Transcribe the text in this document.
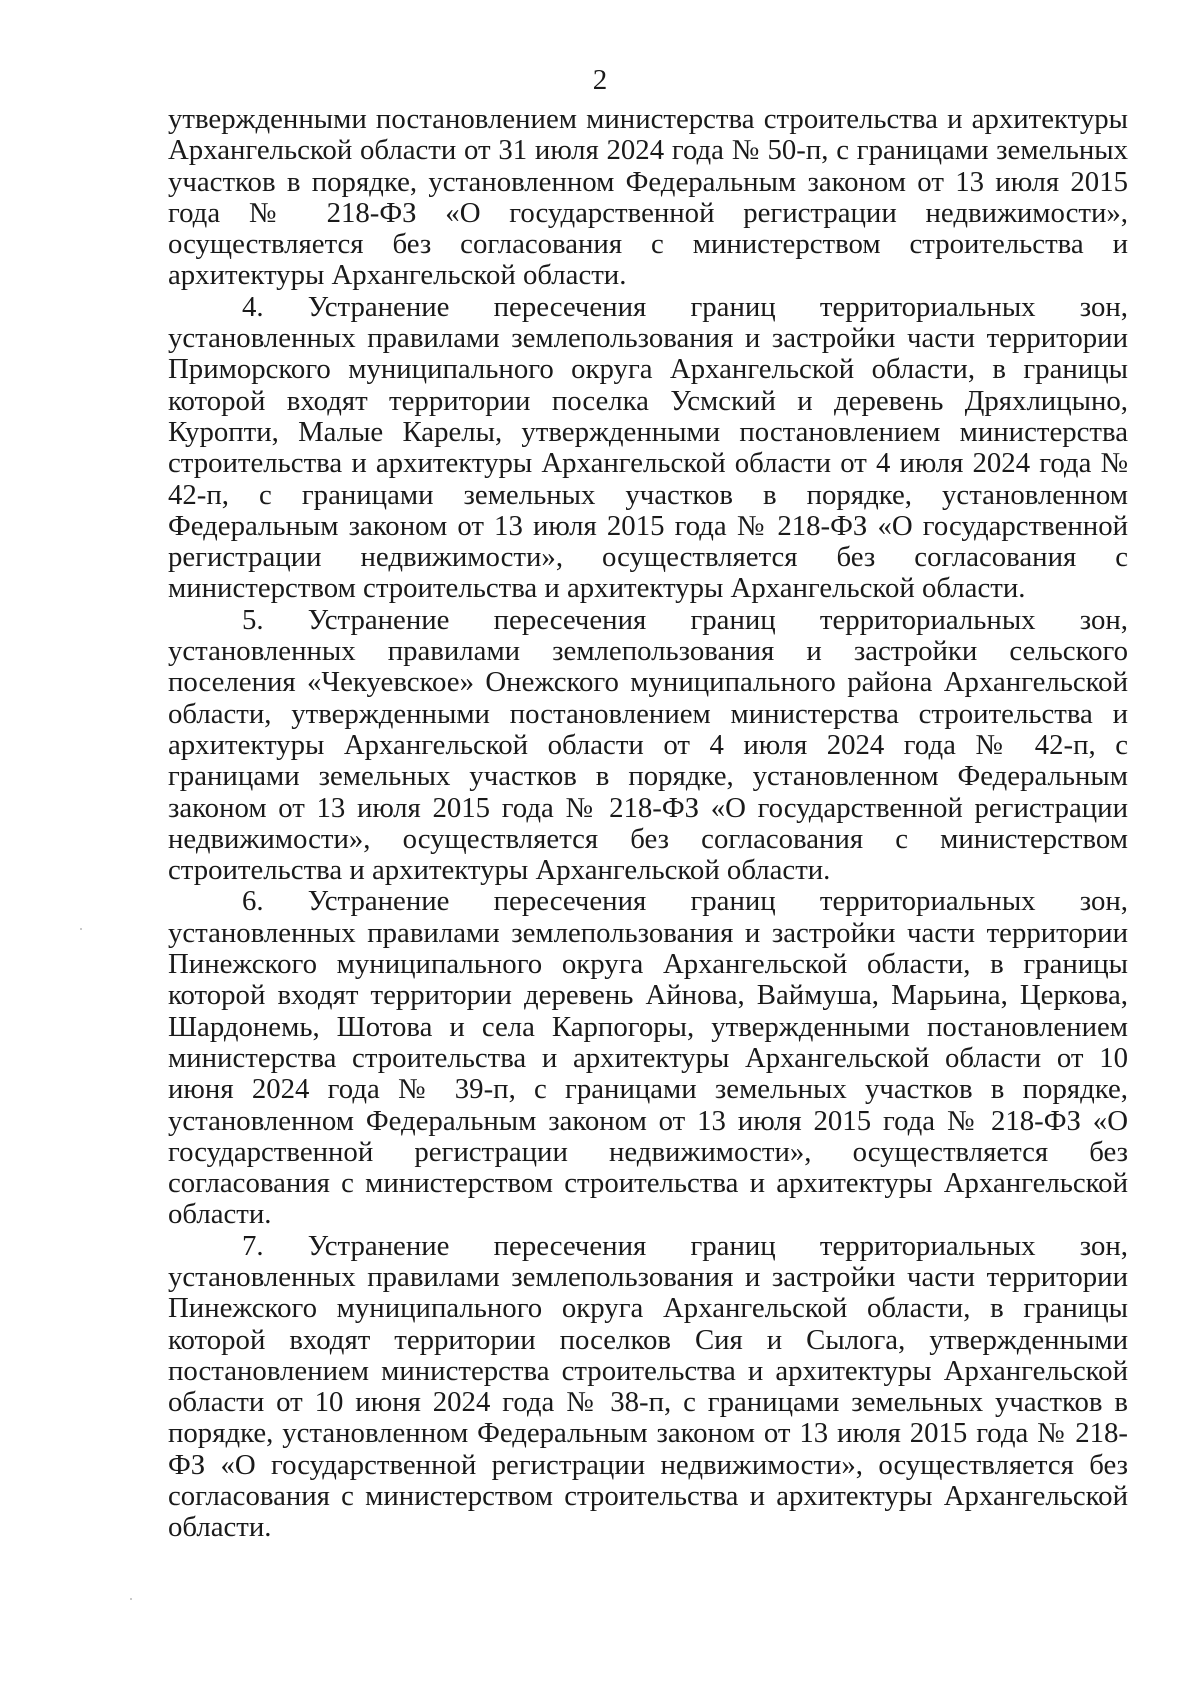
2

утвержденными постановлением министерства строительства и архитектуры Архангельской области от 31 июля 2024 года № 50-п, с границами земельных участков в порядке, установленном Федеральным законом от 13 июля 2015 года № 218-ФЗ «О государственной регистрации недвижимости», осуществляется без согласования с министерством строительства и архитектуры Архангельской области.

4. Устранение пересечения границ территориальных зон, установленных правилами землепользования и застройки части территории Приморского муниципального округа Архангельской области, в границы которой входят территории поселка Усмский и деревень Дряхлицыно, Куропти, Малые Карелы, утвержденными постановлением министерства строительства и архитектуры Архангельской области от 4 июля 2024 года № 42-п, с границами земельных участков в порядке, установленном Федеральным законом от 13 июля 2015 года № 218-ФЗ «О государственной регистрации недвижимости», осуществляется без согласования с министерством строительства и архитектуры Архангельской области.

5. Устранение пересечения границ территориальных зон, установленных правилами землепользования и застройки сельского поселения «Чекуевское» Онежского муниципального района Архангельской области, утвержденными постановлением министерства строительства и архитектуры Архангельской области от 4 июля 2024 года № 42-п, с границами земельных участков в порядке, установленном Федеральным законом от 13 июля 2015 года № 218-ФЗ «О государственной регистрации недвижимости», осуществляется без согласования с министерством строительства и архитектуры Архангельской области.

6. Устранение пересечения границ территориальных зон, установленных правилами землепользования и застройки части территории Пинежского муниципального округа Архангельской области, в границы которой входят территории деревень Айнова, Ваймуша, Марьина, Церкова, Шардонемь, Шотова и села Карпогоры, утвержденными постановлением министерства строительства и архитектуры Архангельской области от 10 июня 2024 года № 39-п, с границами земельных участков в порядке, установленном Федеральным законом от 13 июля 2015 года № 218-ФЗ «О государственной регистрации недвижимости», осуществляется без согласования с министерством строительства и архитектуры Архангельской области.

7. Устранение пересечения границ территориальных зон, установленных правилами землепользования и застройки части территории Пинежского муниципального округа Архангельской области, в границы которой входят территории поселков Сия и Сылога, утвержденными постановлением министерства строительства и архитектуры Архангельской области от 10 июня 2024 года № 38-п, с границами земельных участков в порядке, установленном Федеральным законом от 13 июля 2015 года № 218-ФЗ «О государственной регистрации недвижимости», осуществляется без согласования с министерством строительства и архитектуры Архангельской области.
